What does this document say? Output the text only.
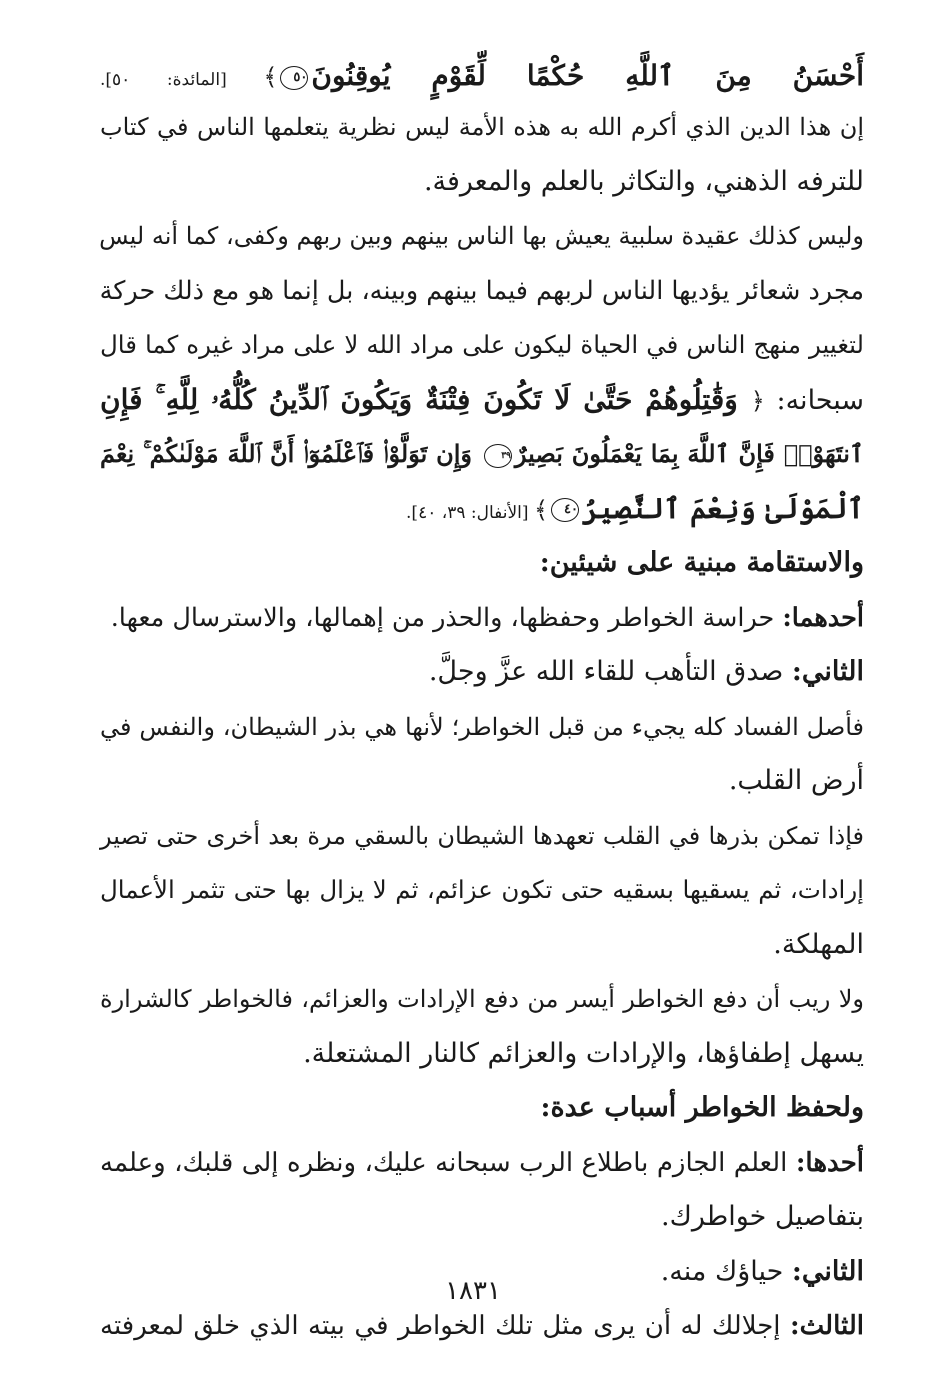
أَحْسَنُ مِنَ ٱللَّهِ حُكْمًا لِّقَوْمٍ يُوقِنُونَ٥٠﴾ [المائدة: ٥٠].
إن هذا الدين الذي أكرم الله به هذه الأمة ليس نظرية يتعلمها الناس في كتاب
للترفه الذهني، والتكاثر بالعلم والمعرفة.
وليس كذلك عقيدة سلبية يعيش بها الناس بينهم وبين ربهم وكفى، كما أنه ليس
مجرد شعائر يؤديها الناس لربهم فيما بينهم وبينه، بل إنما هو مع ذلك حركة
لتغيير منهج الناس في الحياة ليكون على مراد الله لا على مراد غيره كما قال
سبحانه: ﴿ وَقَٰتِلُوهُمْ حَتَّىٰ لَا تَكُونَ فِتْنَةٌ وَيَكُونَ ٱلدِّينُ كُلُّهُۥ لِلَّهِ ۚ فَإِنِ
ٱنتَهَوْا۟ فَإِنَّ ٱللَّهَ بِمَا يَعْمَلُونَ بَصِيرٌ٣٩ وَإِن تَوَلَّوْا۟ فَٱعْلَمُوٓا۟ أَنَّ ٱللَّهَ مَوْلَىٰكُمْ ۚ نِعْمَ
ٱلْمَوْلَىٰ وَنِعْمَ ٱلنَّصِيرُ٤٠﴾ [الأنفال: ٣٩، ٤٠].
والاستقامة مبنية على شيئين:
أحدهما: حراسة الخواطر وحفظها، والحذر من إهمالها، والاسترسال معها.
الثاني: صدق التأهب للقاء الله عزَّ وجلَّ.
فأصل الفساد كله يجيء من قبل الخواطر؛ لأنها هي بذر الشيطان، والنفس في
أرض القلب.
فإذا تمكن بذرها في القلب تعهدها الشيطان بالسقي مرة بعد أخرى حتى تصير
إرادات، ثم يسقيها بسقيه حتى تكون عزائم، ثم لا يزال بها حتى تثمر الأعمال
المهلكة.
ولا ريب أن دفع الخواطر أيسر من دفع الإرادات والعزائم، فالخواطر كالشرارة
يسهل إطفاؤها، والإرادات والعزائم كالنار المشتعلة.
ولحفظ الخواطر أسباب عدة:
أحدها: العلم الجازم باطلاع الرب سبحانه عليك، ونظره إلى قلبك، وعلمه
بتفاصيل خواطرك.
الثاني: حياؤك منه.
الثالث: إجلالك له أن يرى مثل تلك الخواطر في بيته الذي خلق لمعرفته
١٨٣١
